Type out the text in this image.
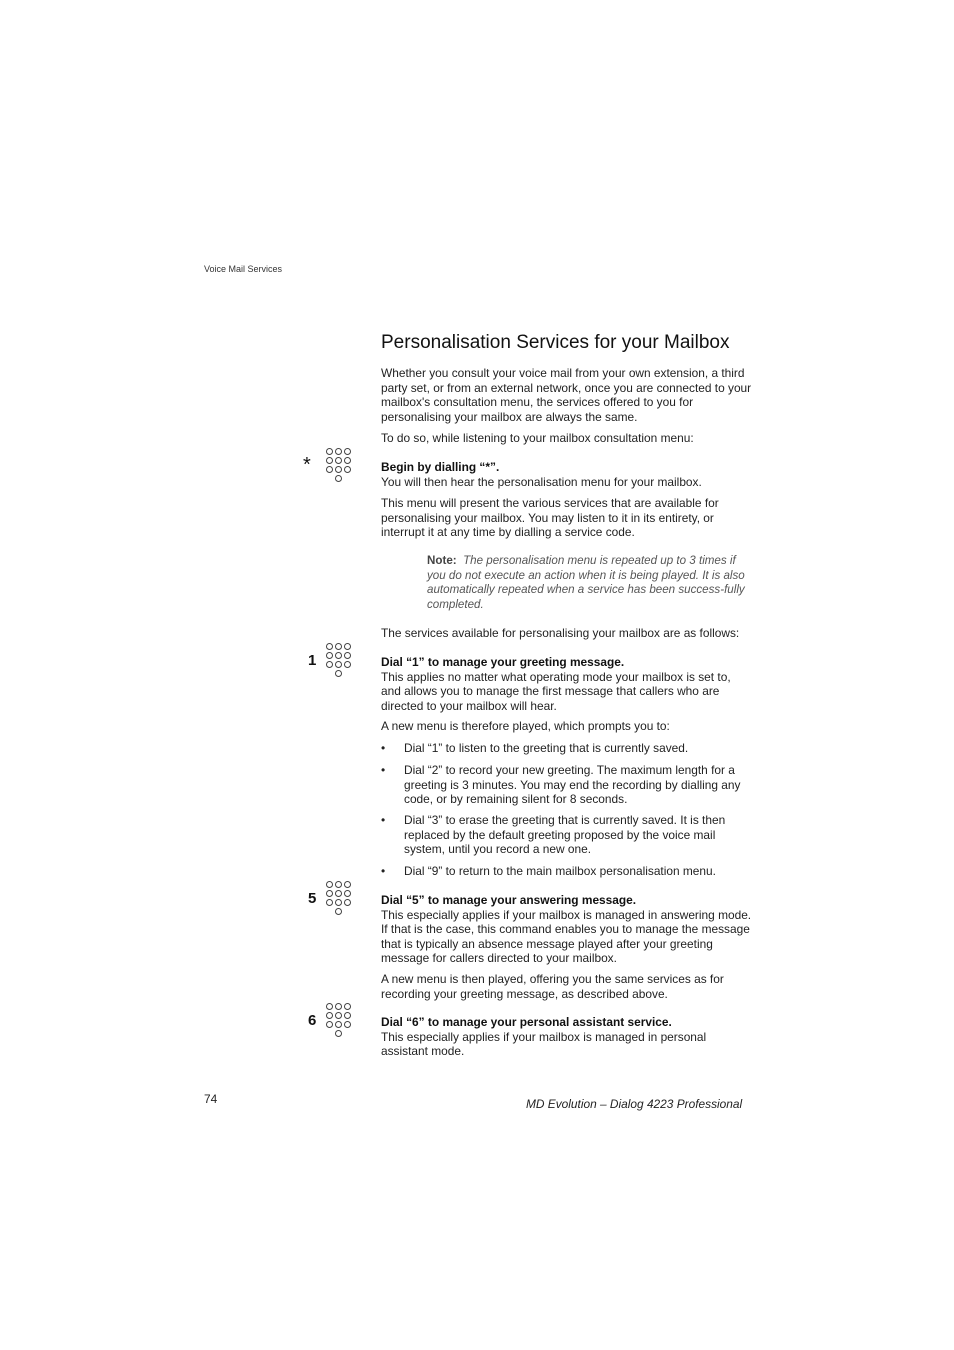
Voice Mail Services
Personalisation Services for your Mailbox
Whether you consult your voice mail from your own extension, a third party set, or from an external network, once you are connected to your mailbox's consultation menu, the services offered to you for personalising your mailbox are always the same.
To do so, while listening to your mailbox consultation menu:
*	Begin by dialling “*”.

You will then hear the personalisation menu for your mailbox.

This menu will present the various services that are available for personalising your mailbox. You may listen to it in its entirety, or interrupt it at any time by dialling a service code.
Note: The personalisation menu is repeated up to 3 times if you do not execute an action when it is being played. It is also automatically repeated when a service has been success-fully completed.
The services available for personalising your mailbox are as follows:
1	Dial “1” to manage your greeting message.

This applies no matter what operating mode your mailbox is set to, and allows you to manage the first message that callers who are directed to your mailbox will hear.

A new menu is therefore played, which prompts you to:
• Dial “1” to listen to the greeting that is currently saved.
• Dial “2” to record your new greeting. The maximum length for a greeting is 3 minutes. You may end the recording by dialling any code, or by remaining silent for 8 seconds.
• Dial “3” to erase the greeting that is currently saved. It is then replaced by the default greeting proposed by the voice mail system, until you record a new one.
• Dial “9” to return to the main mailbox personalisation menu.
5	Dial “5” to manage your answering message.

This especially applies if your mailbox is managed in answering mode. If that is the case, this command enables you to manage the message that is typically an absence message played after your greeting message for callers directed to your mailbox.

A new menu is then played, offering you the same services as for recording your greeting message, as described above.
6	Dial “6” to manage your personal assistant service.

This especially applies if your mailbox is managed in personal assistant mode.

74	MD Evolution – Dialog 4223 Professional
